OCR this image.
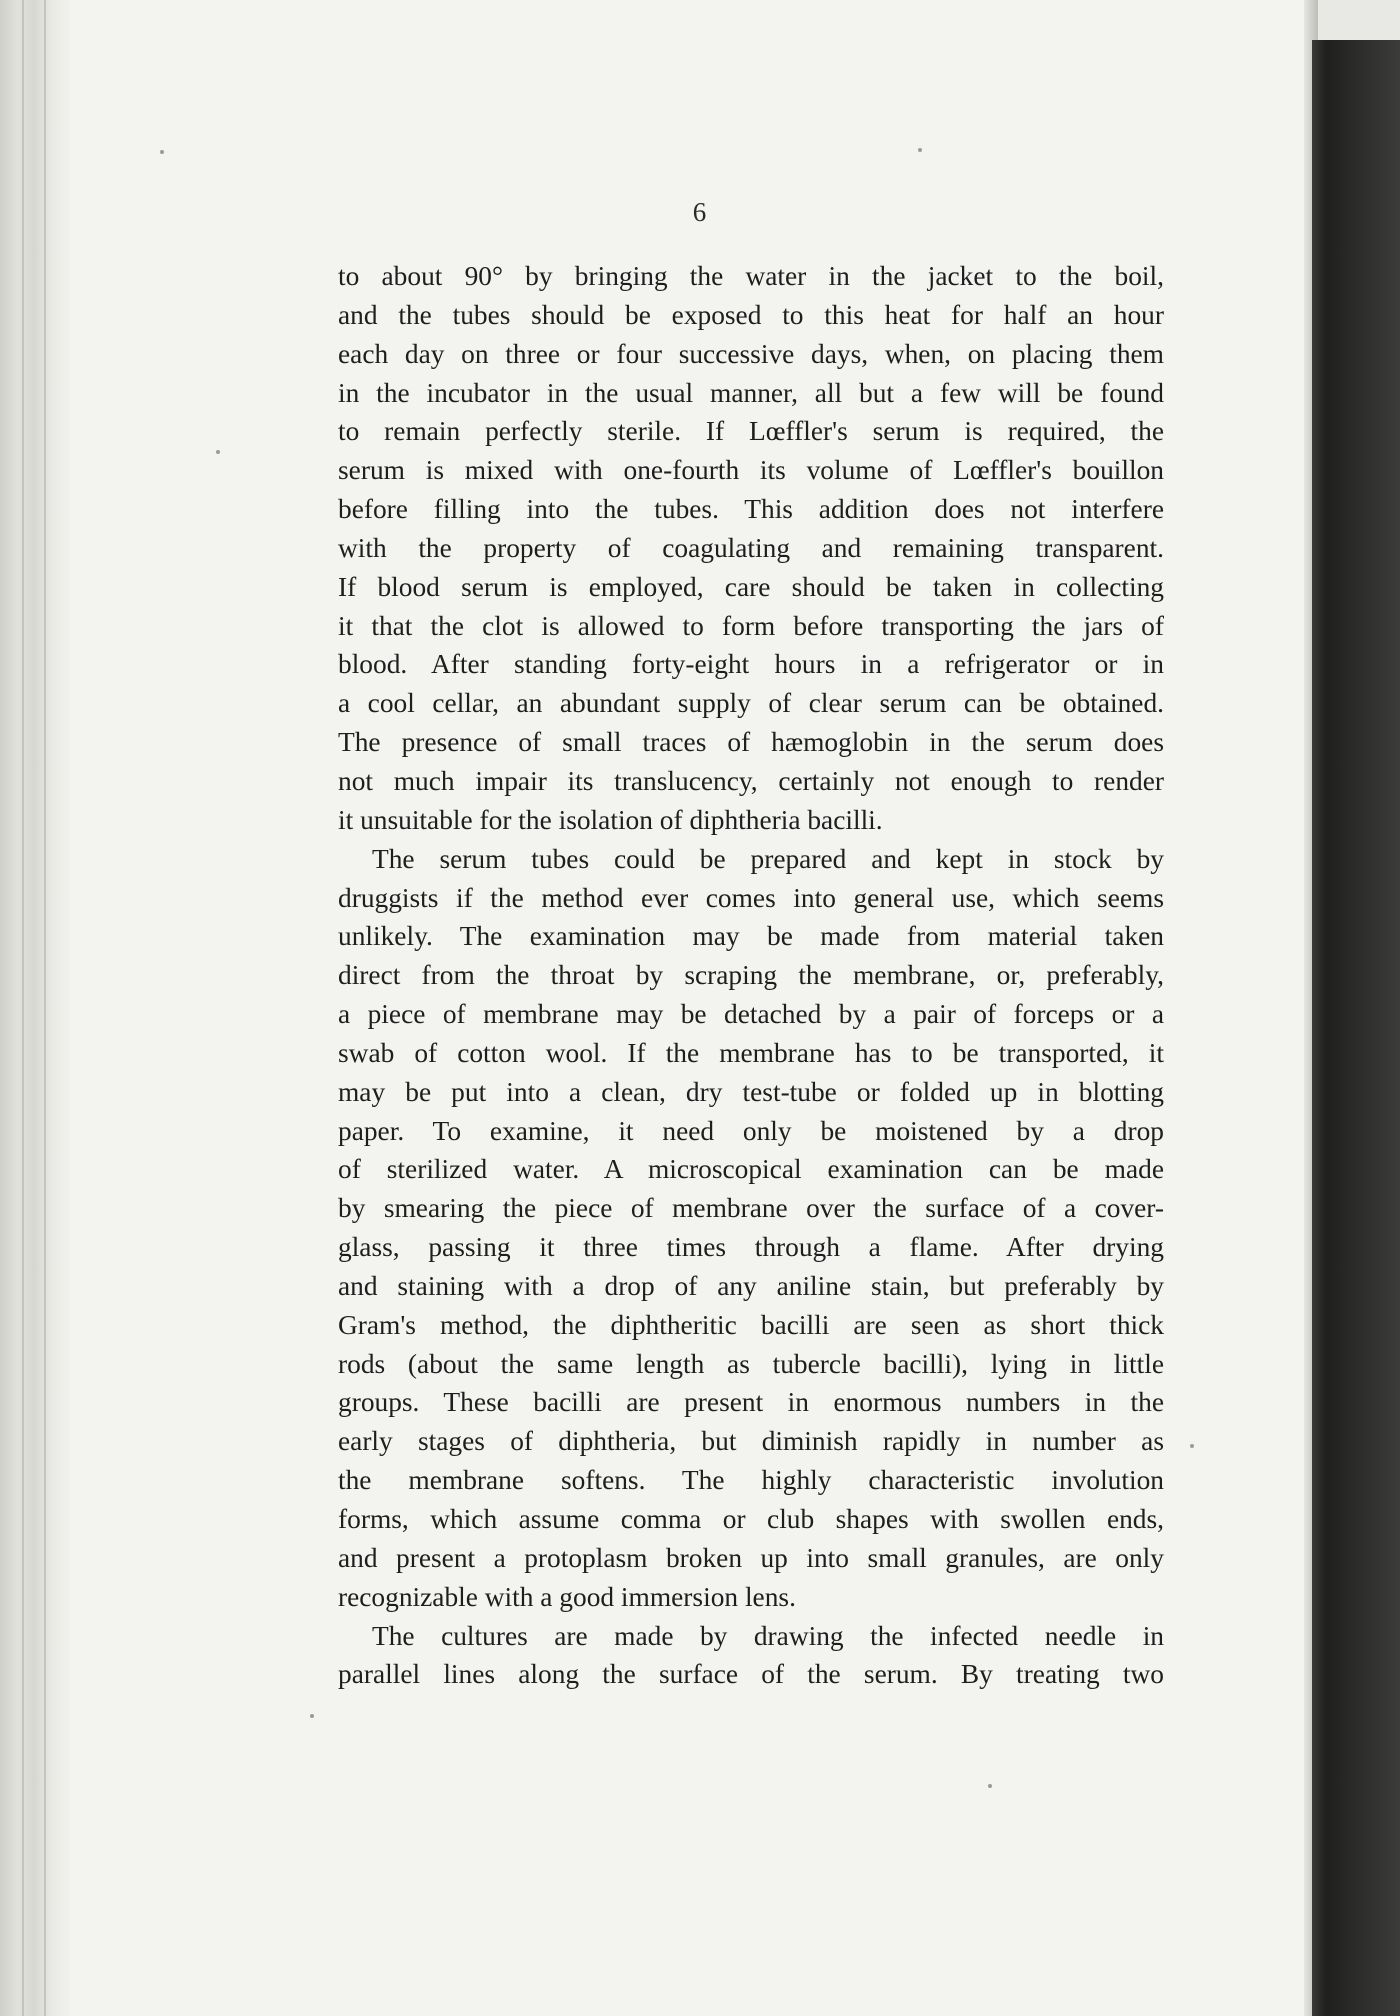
6
to about 90° by bringing the water in the jacket to the boil,
and the tubes should be exposed to this heat for half an hour
each day on three or four successive days, when, on placing them
in the incubator in the usual manner, all but a few will be found
to remain perfectly sterile. If Lœffler's serum is required, the
serum is mixed with one-fourth its volume of Lœffler's bouillon
before filling into the tubes. This addition does not interfere
with the property of coagulating and remaining transparent.
If blood serum is employed, care should be taken in collecting
it that the clot is allowed to form before transporting the jars of
blood. After standing forty-eight hours in a refrigerator or in
a cool cellar, an abundant supply of clear serum can be obtained.
The presence of small traces of hæmoglobin in the serum does
not much impair its translucency, certainly not enough to render
it unsuitable for the isolation of diphtheria bacilli.
The serum tubes could be prepared and kept in stock by
druggists if the method ever comes into general use, which seems
unlikely. The examination may be made from material taken
direct from the throat by scraping the membrane, or, preferably,
a piece of membrane may be detached by a pair of forceps or a
swab of cotton wool. If the membrane has to be transported, it
may be put into a clean, dry test-tube or folded up in blotting
paper. To examine, it need only be moistened by a drop
of sterilized water. A microscopical examination can be made
by smearing the piece of membrane over the surface of a cover-
glass, passing it three times through a flame. After drying
and staining with a drop of any aniline stain, but preferably by
Gram's method, the diphtheritic bacilli are seen as short thick
rods (about the same length as tubercle bacilli), lying in little
groups. These bacilli are present in enormous numbers in the
early stages of diphtheria, but diminish rapidly in number as
the membrane softens. The highly characteristic involution
forms, which assume comma or club shapes with swollen ends,
and present a protoplasm broken up into small granules, are only
recognizable with a good immersion lens.
The cultures are made by drawing the infected needle in
parallel lines along the surface of the serum. By treating two
